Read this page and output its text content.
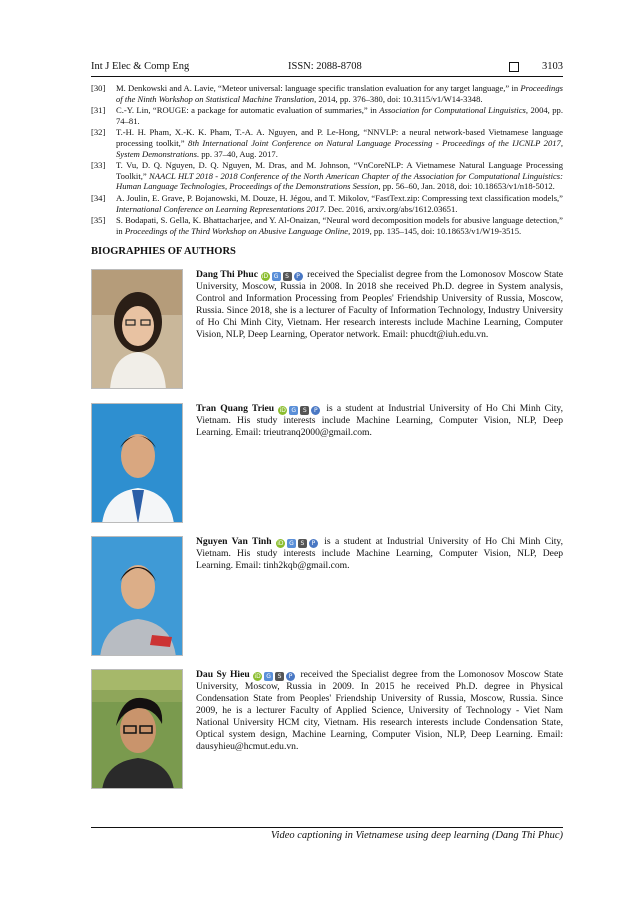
Int J Elec & Comp Eng	ISSN: 2088-8708	3103
[30] M. Denkowski and A. Lavie, “Meteor universal: language specific translation evaluation for any target language,” in Proceedings of the Ninth Workshop on Statistical Machine Translation, 2014, pp. 376–380, doi: 10.3115/v1/W14-3348.
[31] C.-Y. Lin, “ROUGE: a package for automatic evaluation of summaries,” in Association for Computational Linguistics, 2004, pp. 74–81.
[32] T.-H. H. Pham, X.-K. K. Pham, T.-A. A. Nguyen, and P. Le-Hong, “NNVLP: a neural network-based Vietnamese language processing toolkit,” 8th International Joint Conference on Natural Language Processing - Proceedings of the IJCNLP 2017, System Demonstrations. pp. 37–40, Aug. 2017.
[33] T. Vu, D. Q. Nguyen, D. Q. Nguyen, M. Dras, and M. Johnson, “VnCoreNLP: A Vietnamese Natural Language Processing Toolkit,” NAACL HLT 2018 - 2018 Conference of the North American Chapter of the Association for Computational Linguistics: Human Language Technologies, Proceedings of the Demonstrations Session, pp. 56–60, Jan. 2018, doi: 10.18653/v1/n18-5012.
[34] A. Joulin, E. Grave, P. Bojanowski, M. Douze, H. Jégou, and T. Mikolov, “FastText.zip: Compressing text classification models,” International Conference on Learning Representations 2017. Dec. 2016, arxiv.org/abs/1612.03651.
[35] S. Bodapati, S. Gella, K. Bhattacharjee, and Y. Al-Onaizan, “Neural word decomposition models for abusive language detection,” in Proceedings of the Third Workshop on Abusive Language Online, 2019, pp. 135–145, doi: 10.18653/v1/W19-3515.
BIOGRAPHIES OF AUTHORS
Dang Thi Phuc iD G S P received the Specialist degree from the Lomonosov Moscow State University, Moscow, Russia in 2008. In 2018 she received Ph.D. degree in System analysis, Control and Information Processing from Peoples' Friendship University of Russia, Moscow, Russia. Since 2018, she is a lecturer of Faculty of Information Technology, Industry University of Ho Chi Minh City, Vietnam. Her research interests include Machine Learning, Computer Vision, NLP, Deep Learning, Operator network. Email: phucdt@iuh.edu.vn.
Tran Quang Trieu iD G S P is a student at Industrial University of Ho Chi Minh City, Vietnam. His study interests include Machine Learning, Computer Vision, NLP, Deep Learning. Email: trieutranq2000@gmail.com.
Nguyen Van Tinh iD G S P is a student at Industrial University of Ho Chi Minh City, Vietnam. His study interests include Machine Learning, Computer Vision, NLP, Deep Learning. Email: tinh2kqb@gmail.com.
Dau Sy Hieu iD G S P received the Specialist degree from the Lomonosov Moscow State University, Moscow, Russia in 2009. In 2015 he received Ph.D. degree in Physical Condensation State from Peoples' Friendship University of Russia, Moscow, Russia. Since 2009, he is a lecturer Faculty of Applied Science, University of Technology - Viet Nam National University HCM city, Vietnam. His research interests include Condensation State, Optical system design, Machine Learning, Computer Vision, NLP, Deep Learning. Email: dausyhieu@hcmut.edu.vn.
Video captioning in Vietnamese using deep learning (Dang Thi Phuc)
